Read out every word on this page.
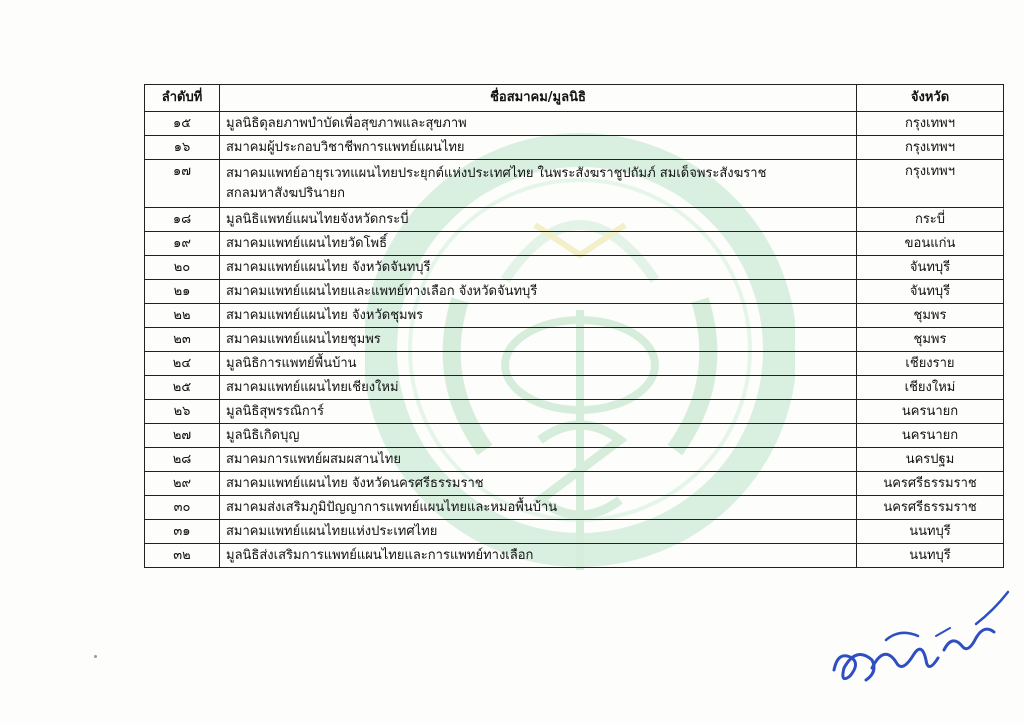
ลำดับที่	ชื่อสมาคม/มูลนิธิ	จังหวัด
๑๕	มูลนิธิดุลยภาพบำบัดเพื่อสุขภาพและสุขภาพ	กรุงเทพฯ
๑๖	สมาคมผู้ประกอบวิชาชีพการแพทย์แผนไทย	กรุงเทพฯ
๑๗	สมาคมแพทย์อายุรเวทแผนไทยประยุกต์แห่งประเทศไทย ในพระสังฆราชูปถัมภ์ สมเด็จพระสังฆราช
สกลมหาสังฆปรินายก	กรุงเทพฯ
๑๘	มูลนิธิแพทย์แผนไทยจังหวัดกระบี่	กระบี่
๑๙	สมาคมแพทย์แผนไทยวัดโพธิ์	ขอนแก่น
๒๐	สมาคมแพทย์แผนไทย จังหวัดจันทบุรี	จันทบุรี
๒๑	สมาคมแพทย์แผนไทยและแพทย์ทางเลือก จังหวัดจันทบุรี	จันทบุรี
๒๒	สมาคมแพทย์แผนไทย จังหวัดชุมพร	ชุมพร
๒๓	สมาคมแพทย์แผนไทยชุมพร	ชุมพร
๒๔	มูลนิธิการแพทย์พื้นบ้าน	เชียงราย
๒๕	สมาคมแพทย์แผนไทยเชียงใหม่	เชียงใหม่
๒๖	มูลนิธิสุพรรณิการ์	นครนายก
๒๗	มูลนิธิเกิดบุญ	นครนายก
๒๘	สมาคมการแพทย์ผสมผสานไทย	นครปฐม
๒๙	สมาคมแพทย์แผนไทย จังหวัดนครศรีธรรมราช	นครศรีธรรมราช
๓๐	สมาคมส่งเสริมภูมิปัญญาการแพทย์แผนไทยและหมอพื้นบ้าน	นครศรีธรรมราช
๓๑	สมาคมแพทย์แผนไทยแห่งประเทศไทย	นนทบุรี
๓๒	มูลนิธิส่งเสริมการแพทย์แผนไทยและการแพทย์ทางเลือก	นนทบุรี
